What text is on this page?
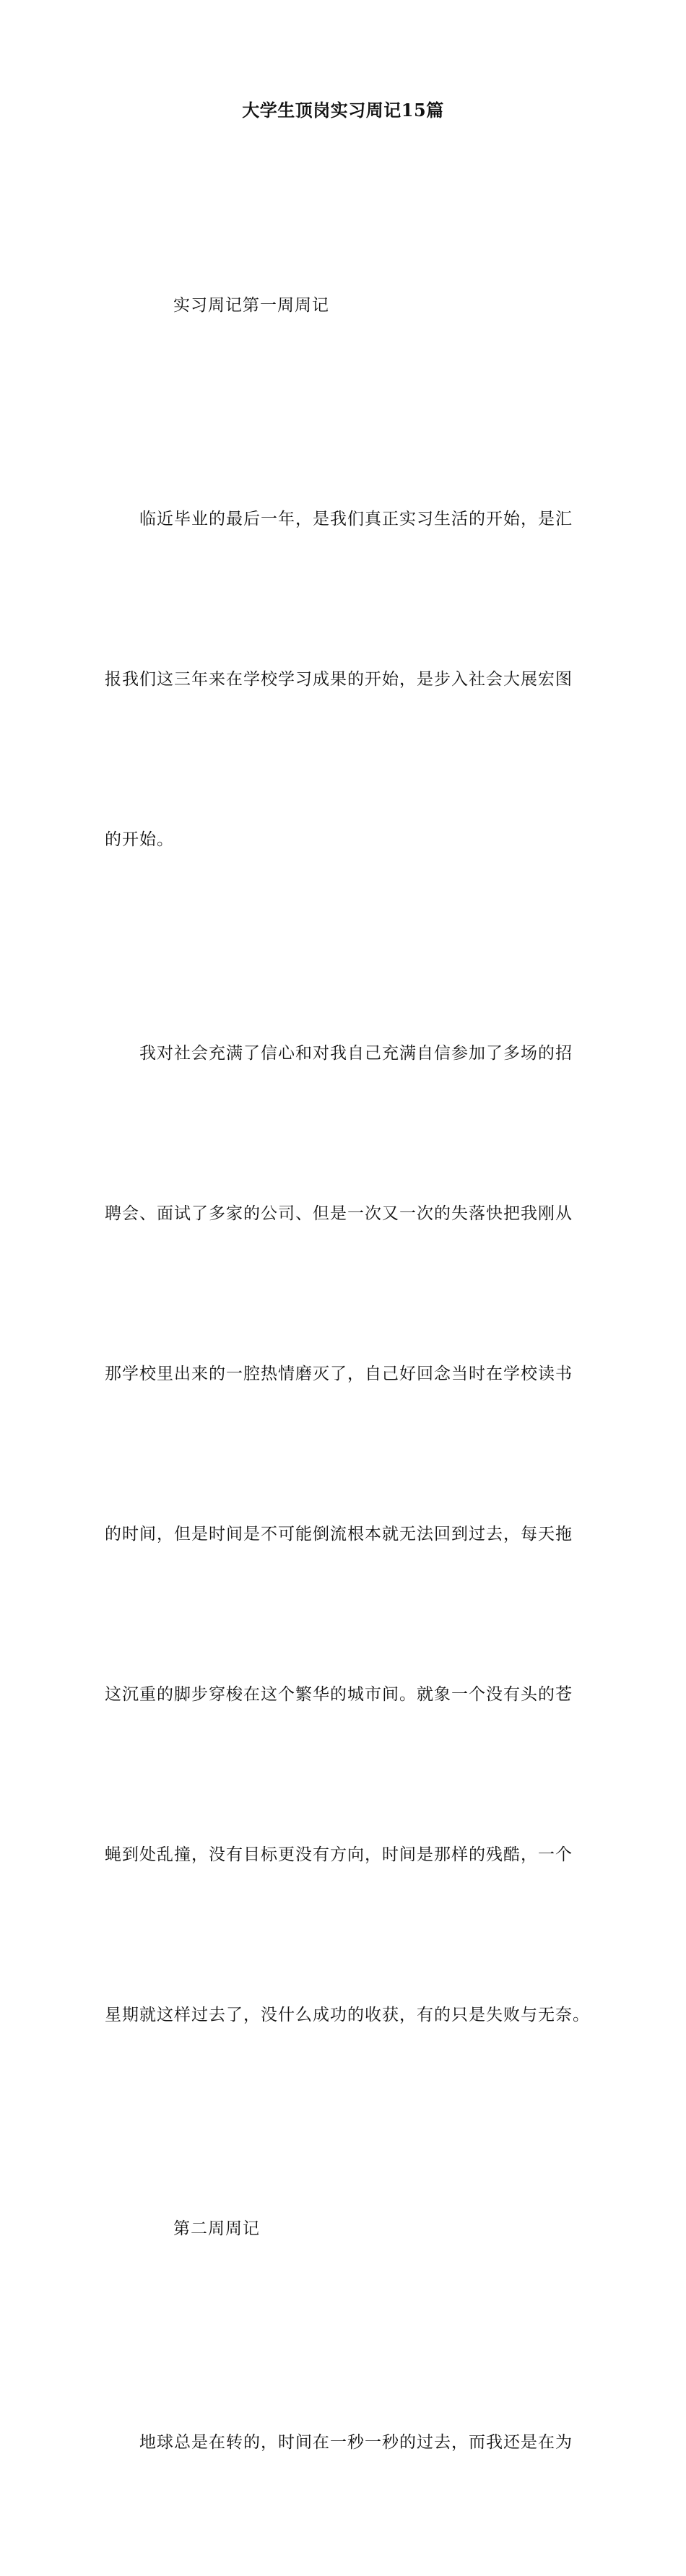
大学生顶岗实习周记15篇

实习周记第一周周记

临近毕业的最后一年，是我们真正实习生活的开始，是汇

报我们这三年来在学校学习成果的开始，是步入社会大展宏图

的开始。

我对社会充满了信心和对我自己充满自信参加了多场的招

聘会、面试了多家的公司、但是一次又一次的失落快把我刚从

那学校里出来的一腔热情磨灭了，自己好回念当时在学校读书

的时间，但是时间是不可能倒流根本就无法回到过去，每天拖

这沉重的脚步穿梭在这个繁华的城市间。就象一个没有头的苍

蝇到处乱撞，没有目标更没有方向，时间是那样的残酷，一个

星期就这样过去了，没什么成功的收获，有的只是失败与无奈。

第二周周记

地球总是在转的，时间在一秒一秒的过去，而我还是在为
